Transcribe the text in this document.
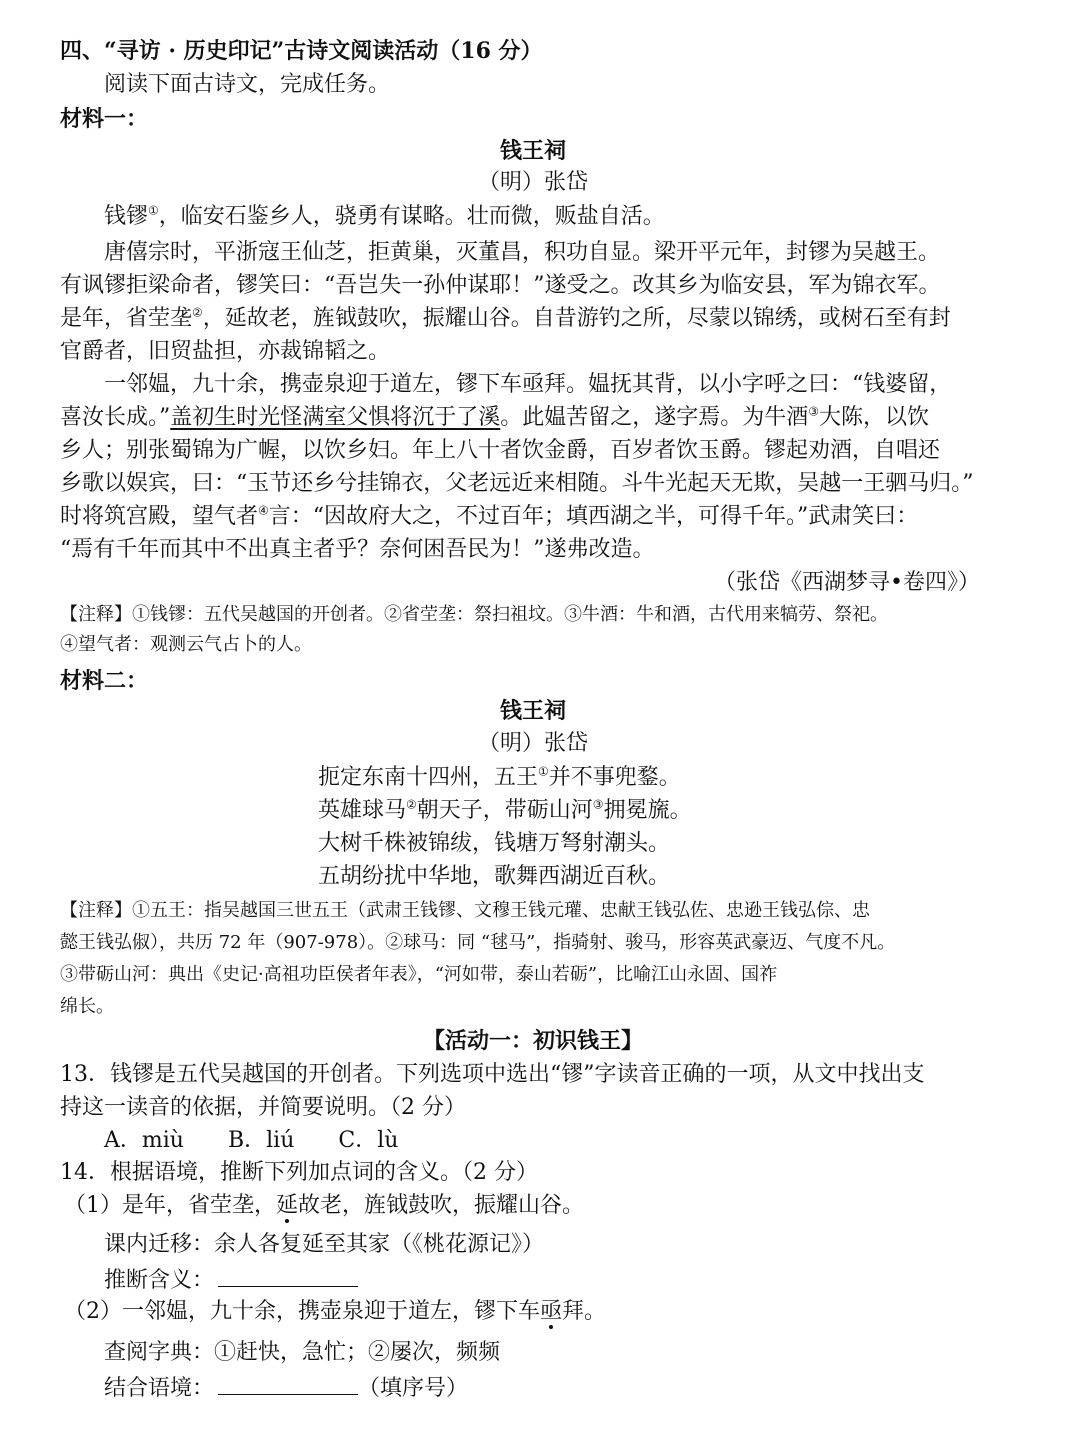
四、“寻访 · 历史印记”古诗文阅读活动（16 分）
阅读下面古诗文，完成任务。
材料一：
钱王祠
（明）张岱
钱镠①，临安石鉴乡人，骁勇有谋略。壮而微，贩盐自活。
唐僖宗时，平浙寇王仙芝，拒黄巢，灭董昌，积功自显。梁开平元年，封镠为吴越王。
有讽镠拒梁命者，镠笑曰：“吾岂失一孙仲谋耶！”遂受之。改其乡为临安县，军为锦衣军。
是年，省茔垄②，延故老，旌钺鼓吹，振耀山谷。自昔游钓之所，尽蒙以锦绣，或树石至有封
官爵者，旧贸盐担，亦裁锦韬之。
一邻媪，九十余，携壶泉迎于道左，镠下车亟拜。媪抚其背，以小字呼之曰：“钱婆留，
喜汝长成。”盖初生时光怪满室父惧将沉于了溪。此媪苦留之，遂字焉。为牛酒③大陈，以饮
乡人；别张蜀锦为广幄，以饮乡妇。年上八十者饮金爵，百岁者饮玉爵。镠起劝酒，自唱还
乡歌以娱宾，曰：“玉节还乡兮挂锦衣，父老远近来相随。斗牛光起天无欺，吴越一王驷马归。”
时将筑宫殿，望气者④言：“因故府大之，不过百年；填西湖之半，可得千年。”武肃笑曰：
“焉有千年而其中不出真主者乎？奈何困吾民为！”遂弗改造。
（张岱《西湖梦寻•卷四》）
【注释】①钱镠：五代吴越国的开创者。②省茔垄：祭扫祖坟。③牛酒：牛和酒，古代用来犒劳、祭祀。
④望气者：观测云气占卜的人。
材料二：
钱王祠
（明）张岱
扼定东南十四州，五王①并不事兜鍪。
英雄球马②朝天子，带砺山河③拥冕旒。
大树千株被锦绂，钱塘万弩射潮头。
五胡纷扰中华地，歌舞西湖近百秋。
【注释】①五王：指吴越国三世五王（武肃王钱镠、文穆王钱元瓘、忠献王钱弘佐、忠逊王钱弘倧、忠
懿王钱弘俶），共历 72 年（907-978）。②球马：同 “毬马”，指骑射、骏马，形容英武豪迈、气度不凡。
③带砺山河：典出《史记·高祖功臣侯者年表》，“河如带，泰山若砺”，比喻江山永固、国祚
绵长。
【活动一：初识钱王】
13．钱镠是五代吴越国的开创者。下列选项中选出“镠”字读音正确的一项，从文中找出支
持这一读音的依据，并简要说明。（2 分）
A．miù B．liú C．lù
14．根据语境，推断下列加点词的含义。（2 分）
（1）是年，省茔垄，延故老，旌钺鼓吹，振耀山谷。
课内迁移：余人各复延至其家（《桃花源记》）
推断含义：
（2）一邻媪，九十余，携壶泉迎于道左，镠下车亟拜。
查阅字典：①赶快，急忙；②屡次，频频
结合语境：	（填序号）
